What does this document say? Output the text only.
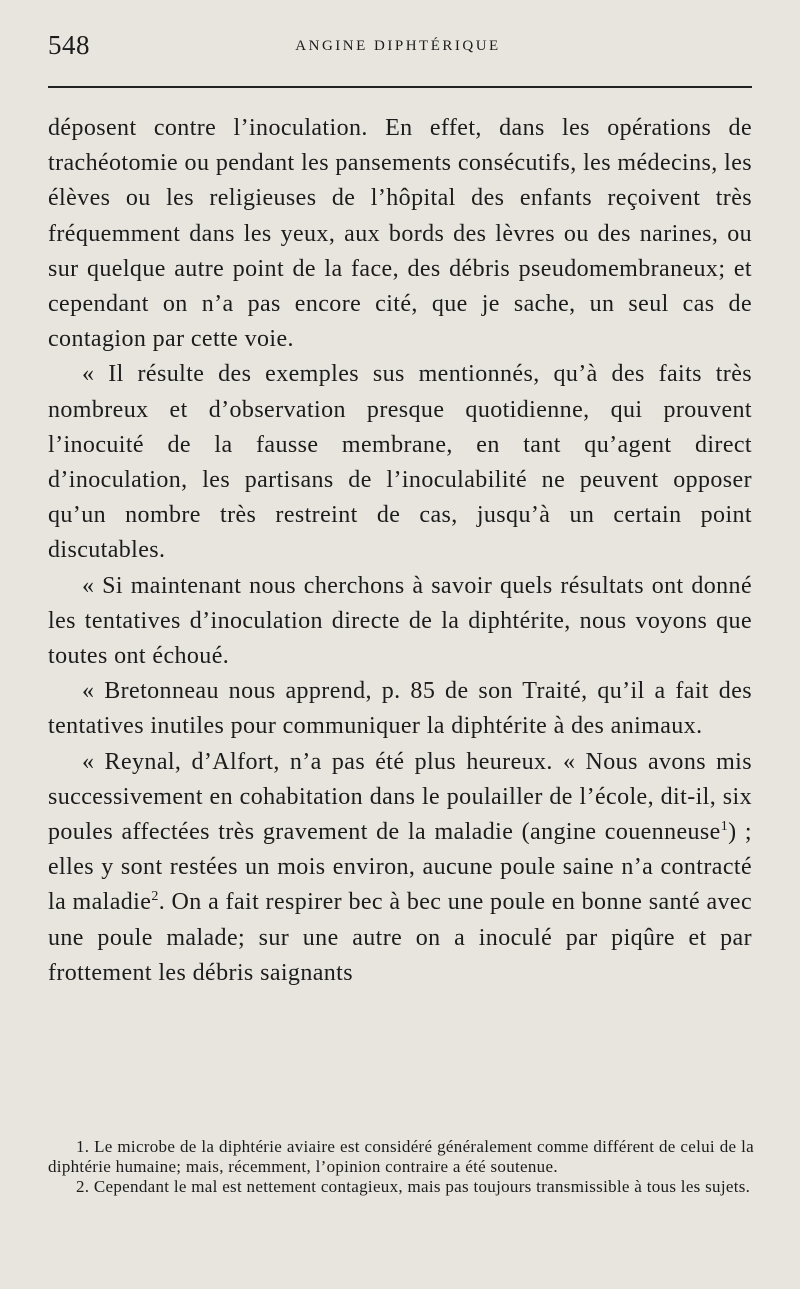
548	ANGINE DIPHTÉRIQUE

déposent contre l’inoculation. En effet, dans les opérations de trachéotomie ou pendant les pansements consécutifs, les médecins, les élèves ou les religieuses de l’hôpital des enfants reçoivent très fréquemment dans les yeux, aux bords des lèvres ou des narines, ou sur quelque autre point de la face, des débris pseudomembraneux; et cependant on n’a pas encore cité, que je sache, un seul cas de contagion par cette voie.

« Il résulte des exemples sus mentionnés, qu’à des faits très nombreux et d’observation presque quotidienne, qui prouvent l’inocuité de la fausse membrane, en tant qu’agent direct d’inoculation, les partisans de l’inoculabilité ne peuvent opposer qu’un nombre très restreint de cas, jusqu’à un certain point discutables.

« Si maintenant nous cherchons à savoir quels résultats ont donné les tentatives d’inoculation directe de la diphtérite, nous voyons que toutes ont échoué.

« Bretonneau nous apprend, p. 85 de son Traité, qu’il a fait des tentatives inutiles pour communiquer la diphtérite à des animaux.

« Reynal, d’Alfort, n’a pas été plus heureux. « Nous avons mis successivement en cohabitation dans le poulailler de l’école, dit-il, six poules affectées très gravement de la maladie (angine couenneuse$^1$) ; elles y sont restées un mois environ, aucune poule saine n’a contracté la maladie$^2$. On a fait respirer bec à bec une poule en bonne santé avec une poule malade; sur une autre on a inoculé par piqûre et par frottement les débris saignants

1. Le microbe de la diphtérie aviaire est considéré généralement comme différent de celui de la diphtérie humaine; mais, récemment, l’opinion contraire a été soutenue.

2. Cependant le mal est nettement contagieux, mais pas toujours transmissible à tous les sujets.
